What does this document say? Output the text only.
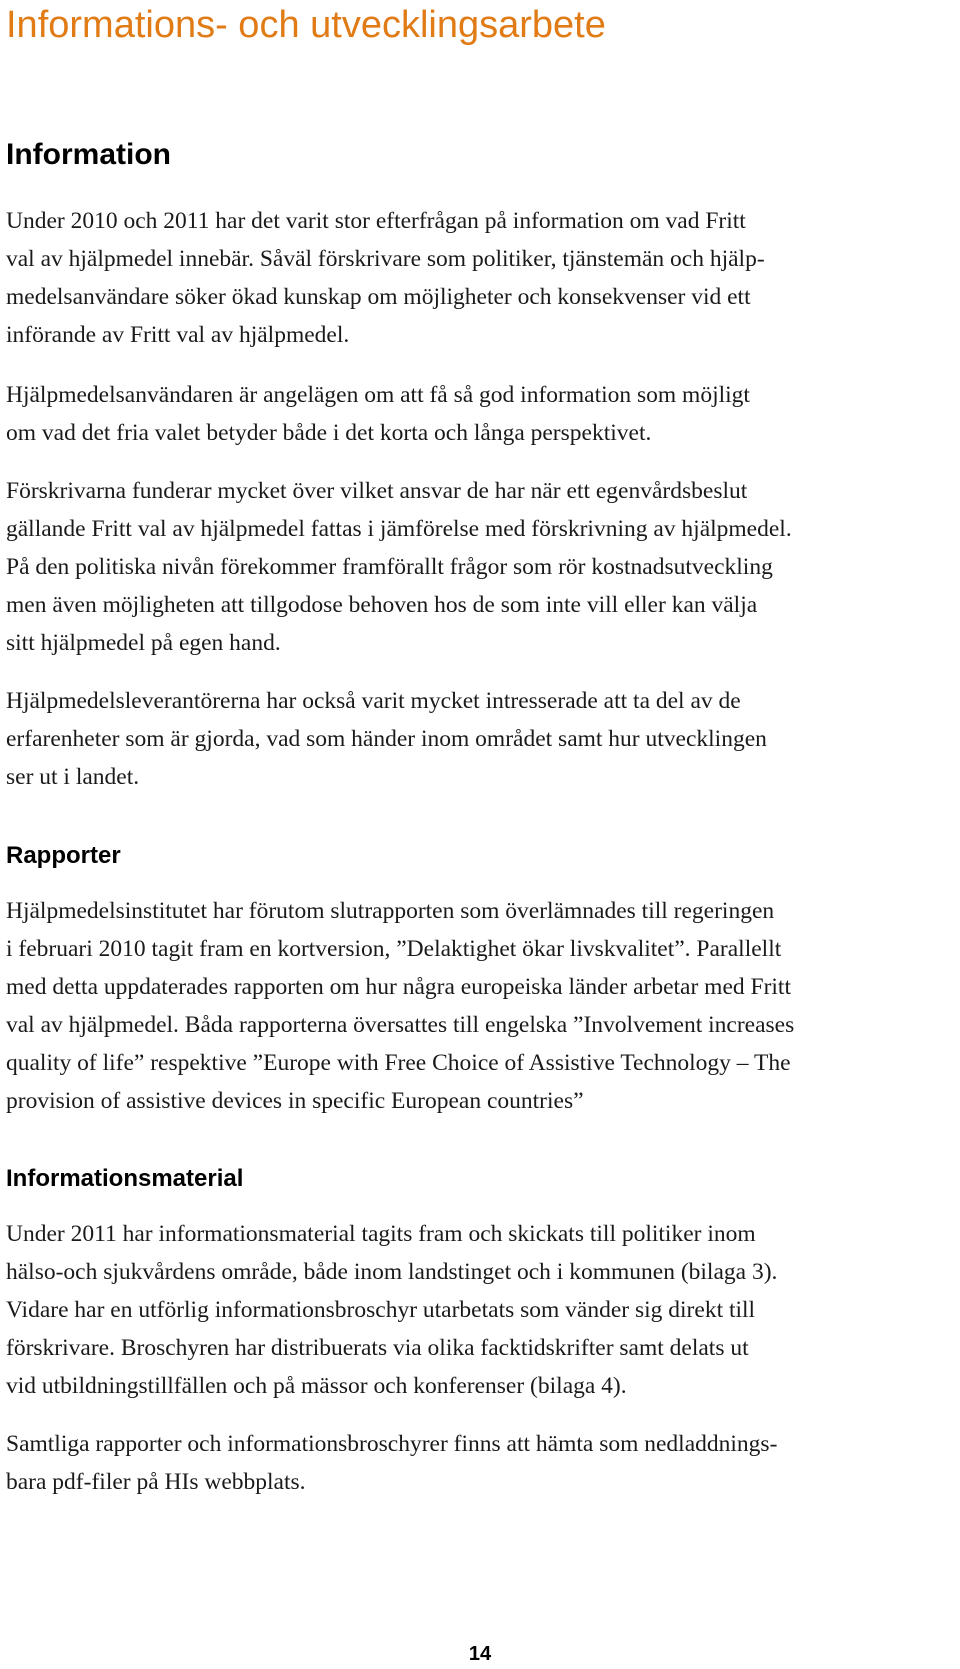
Informations- och utvecklingsarbete
Information

Under 2010 och 2011 har det varit stor efterfrågan på information om vad Fritt
val av hjälpmedel innebär. Såväl förskrivare som politiker, tjänstemän och hjälp-
medelsanvändare söker ökad kunskap om möjligheter och konsekvenser vid ett
införande av Fritt val av hjälpmedel.

Hjälpmedelsanvändaren är angelägen om att få så god information som möjligt
om vad det fria valet betyder både i det korta och långa perspektivet.

Förskrivarna funderar mycket över vilket ansvar de har när ett egenvårdsbeslut
gällande Fritt val av hjälpmedel fattas i jämförelse med förskrivning av hjälpmedel.
På den politiska nivån förekommer framförallt frågor som rör kostnadsutveckling
men även möjligheten att tillgodose behoven hos de som inte vill eller kan välja
sitt hjälpmedel på egen hand.

Hjälpmedelsleverantörerna har också varit mycket intresserade att ta del av de
erfarenheter som är gjorda, vad som händer inom området samt hur utvecklingen
ser ut i landet.

Rapporter

Hjälpmedelsinstitutet har förutom slutrapporten som överlämnades till regeringen
i februari 2010 tagit fram en kortversion, ”Delaktighet ökar livskvalitet”. Parallellt
med detta uppdaterades rapporten om hur några europeiska länder arbetar med Fritt
val av hjälpmedel. Båda rapporterna översattes till engelska ”Involvement increases
quality of life” respektive ”Europe with Free Choice of Assistive Technology – The
provision of assistive devices in specific European countries”

Informationsmaterial

Under 2011 har informationsmaterial tagits fram och skickats till politiker inom
hälso-och sjukvårdens område, både inom landstinget och i kommunen (bilaga 3).
Vidare har en utförlig informationsbroschyr utarbetats som vänder sig direkt till
förskrivare. Broschyren har distribuerats via olika facktidskrifter samt delats ut
vid utbildningstillfällen och på mässor och konferenser (bilaga 4).

Samtliga rapporter och informationsbroschyrer finns att hämta som nedladdnings-
bara pdf-filer på HIs webbplats.

14
